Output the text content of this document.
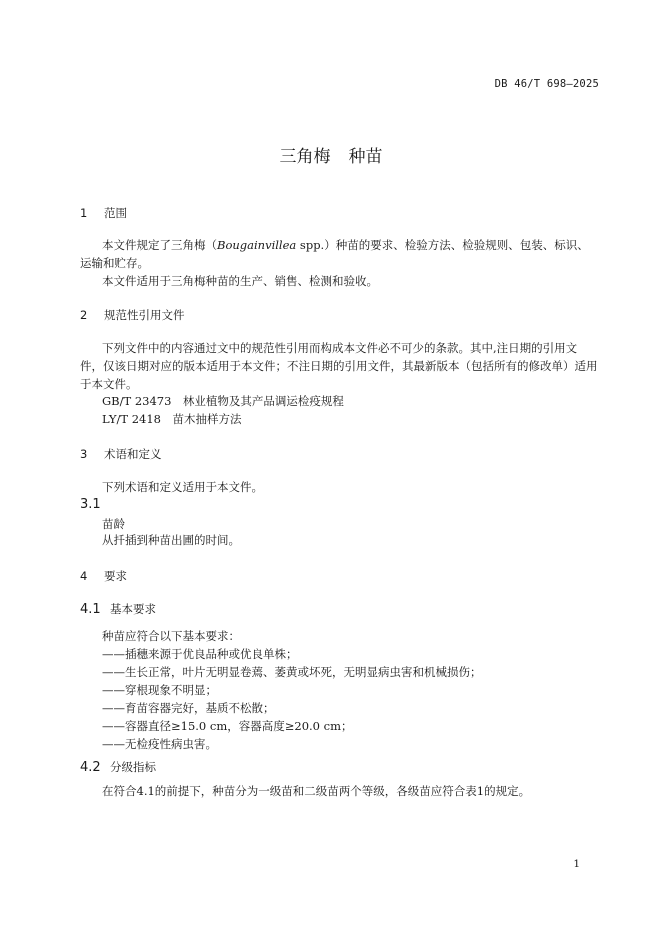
DB 46/T 698—2025
三角梅 种苗
1 范围
本文件规定了三角梅（Bougainvillea spp.）种苗的要求、检验方法、检验规则、包装、标识、运输和贮存。
本文件适用于三角梅种苗的生产、销售、检测和验收。
2 规范性引用文件
下列文件中的内容通过文中的规范性引用而构成本文件必不可少的条款。其中,注日期的引用文件，仅该日期对应的版本适用于本文件；不注日期的引用文件，其最新版本（包括所有的修改单）适用于本文件。
GB/T 23473　林业植物及其产品调运检疫规程
LY/T 2418　苗木抽样方法
3 术语和定义
下列术语和定义适用于本文件。
3.1
苗龄
从扦插到种苗出圃的时间。
4 要求
4.1 基本要求
种苗应符合以下基本要求：
——插穗来源于优良品种或优良单株；
——生长正常，叶片无明显卷蔫、萎黄或坏死，无明显病虫害和机械损伤；
——穿根现象不明显；
——育苗容器完好，基质不松散；
——容器直径≥15.0 cm，容器高度≥20.0 cm；
——无检疫性病虫害。
4.2 分级指标
在符合4.1的前提下，种苗分为一级苗和二级苗两个等级，各级苗应符合表1的规定。
1
